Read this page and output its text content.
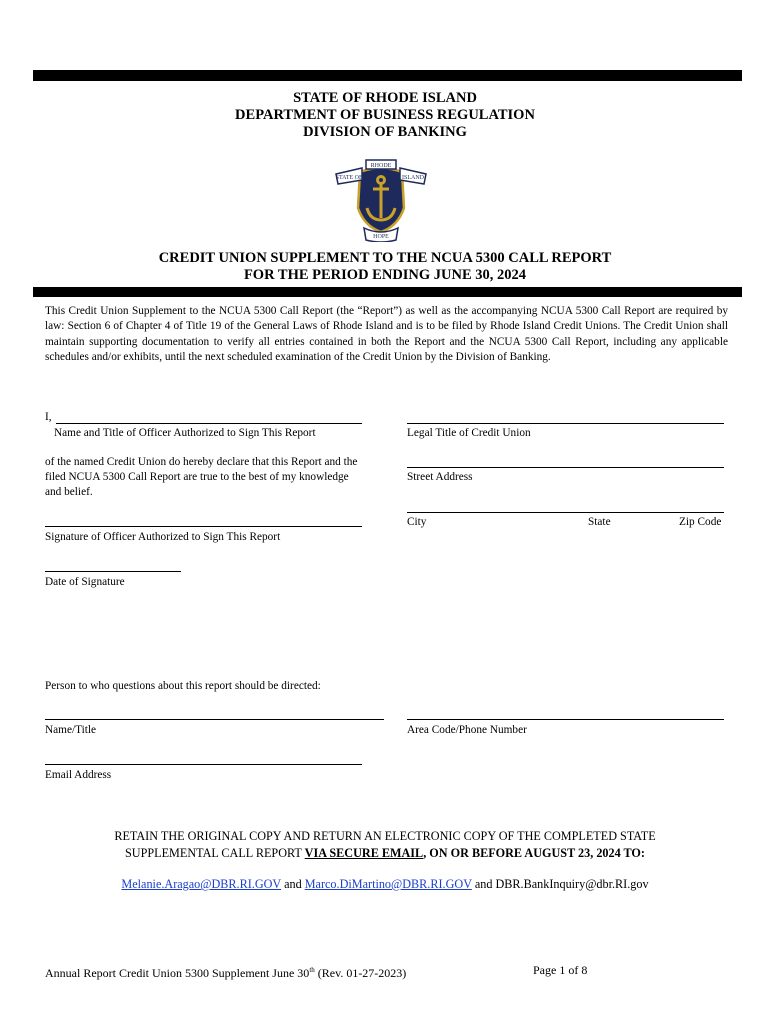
STATE OF RHODE ISLAND
DEPARTMENT OF BUSINESS REGULATION
DIVISION OF BANKING
STATE OF
RHODE
ISLAND
HOPE
CREDIT UNION SUPPLEMENT TO THE NCUA 5300 CALL REPORT
FOR THE PERIOD ENDING JUNE 30, 2024
This Credit Union Supplement to the NCUA 5300 Call Report (the “Report”) as well as the accompanying NCUA 5300 Call Report are required by law: Section 6 of Chapter 4 of Title 19 of the General Laws of Rhode Island and is to be filed by Rhode Island Credit Unions. The Credit Union shall maintain supporting documentation to verify all entries contained in both the Report and the NCUA 5300 Call Report, including any applicable schedules and/or exhibits, until the next scheduled examination of the Credit Union by the Division of Banking.
I,
Name and Title of Officer Authorized to Sign This Report
of the named Credit Union do hereby declare that this Report and the filed NCUA 5300 Call Report are true to the best of my knowledge and belief.
Signature of Officer Authorized to Sign This Report
Date of Signature
Legal Title of Credit Union
Street Address
City	State	Zip Code
Person to who questions about this report should be directed:
Name/Title	Area Code/Phone Number
Email Address
RETAIN THE ORIGINAL COPY AND RETURN AN ELECTRONIC COPY OF THE COMPLETED STATE
SUPPLEMENTAL CALL REPORT VIA SECURE EMAIL, ON OR BEFORE AUGUST 23, 2024 TO:
Melanie.Aragao@DBR.RI.GOV and Marco.DiMartino@DBR.RI.GOV and DBR.BankInquiry@dbr.RI.gov
Annual Report Credit Union 5300 Supplement June 30th (Rev. 01-27-2023)	Page 1 of 8
